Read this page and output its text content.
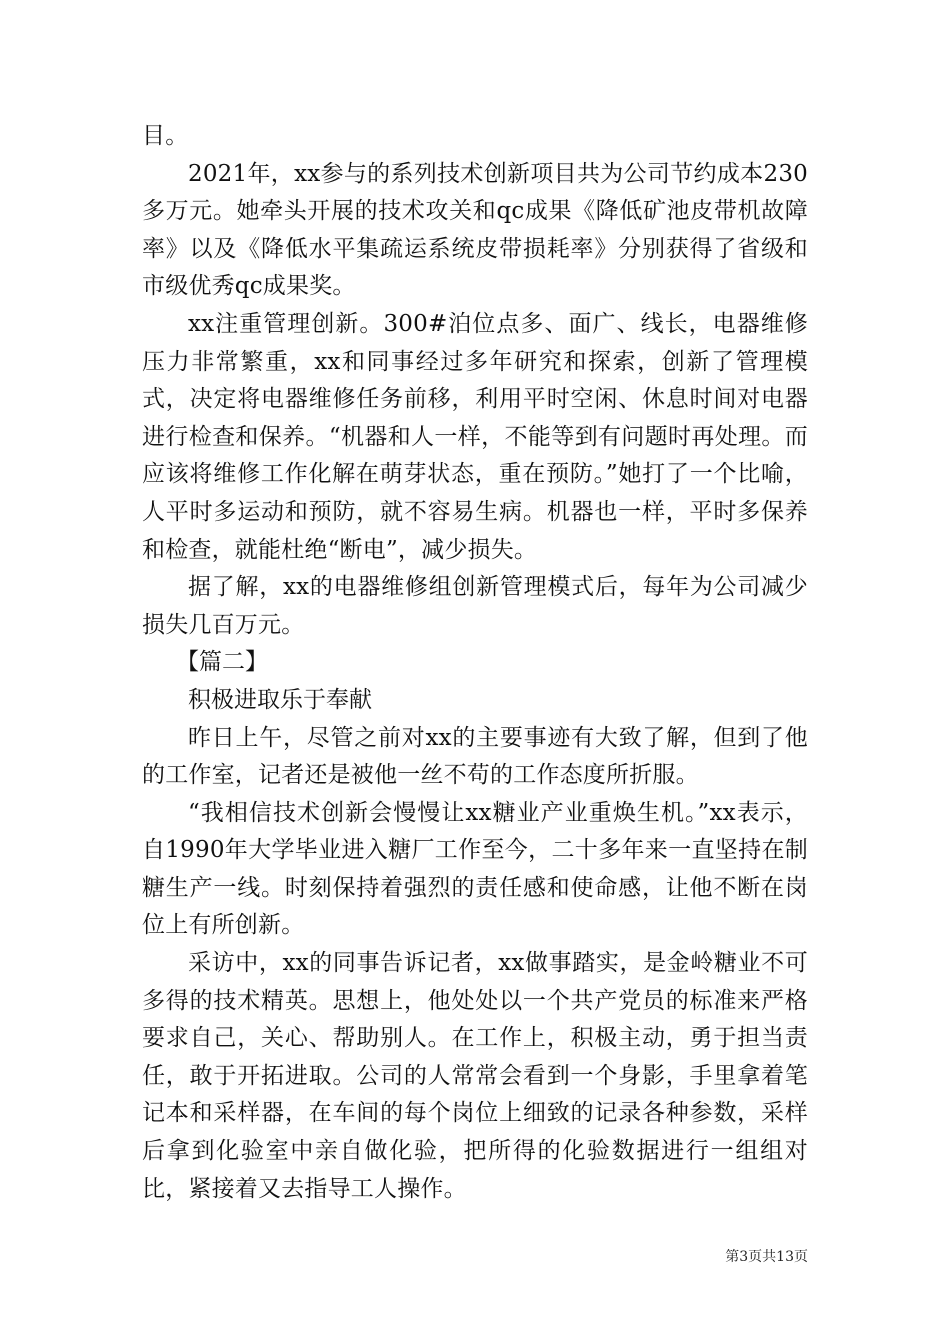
目。

2021年，xx参与的系列技术创新项目共为公司节约成本230多万元。她牵头开展的技术攻关和qc成果《降低矿池皮带机故障率》以及《降低水平集疏运系统皮带损耗率》分别获得了省级和市级优秀qc成果奖。

xx注重管理创新。300#泊位点多、面广、线长，电器维修压力非常繁重，xx和同事经过多年研究和探索，创新了管理模式，决定将电器维修任务前移，利用平时空闲、休息时间对电器进行检查和保养。“机器和人一样，不能等到有问题时再处理。而应该将维修工作化解在萌芽状态，重在预防。”她打了一个比喻，人平时多运动和预防，就不容易生病。机器也一样，平时多保养和检查，就能杜绝“断电”，减少损失。

据了解，xx的电器维修组创新管理模式后，每年为公司减少损失几百万元。

【篇二】

积极进取乐于奉献

昨日上午，尽管之前对xx的主要事迹有大致了解，但到了他的工作室，记者还是被他一丝不苟的工作态度所折服。

“我相信技术创新会慢慢让xx糖业产业重焕生机。”xx表示，自1990年大学毕业进入糖厂工作至今，二十多年来一直坚持在制糖生产一线。时刻保持着强烈的责任感和使命感，让他不断在岗位上有所创新。

采访中，xx的同事告诉记者，xx做事踏实，是金岭糖业不可多得的技术精英。思想上，他处处以一个共产党员的标准来严格要求自己，关心、帮助别人。在工作上，积极主动，勇于担当责任，敢于开拓进取。公司的人常常会看到一个身影，手里拿着笔记本和采样器，在车间的每个岗位上细致的记录各种参数，采样后拿到化验室中亲自做化验，把所得的化验数据进行一组组对比，紧接着又去指导工人操作。

第3页共13页
